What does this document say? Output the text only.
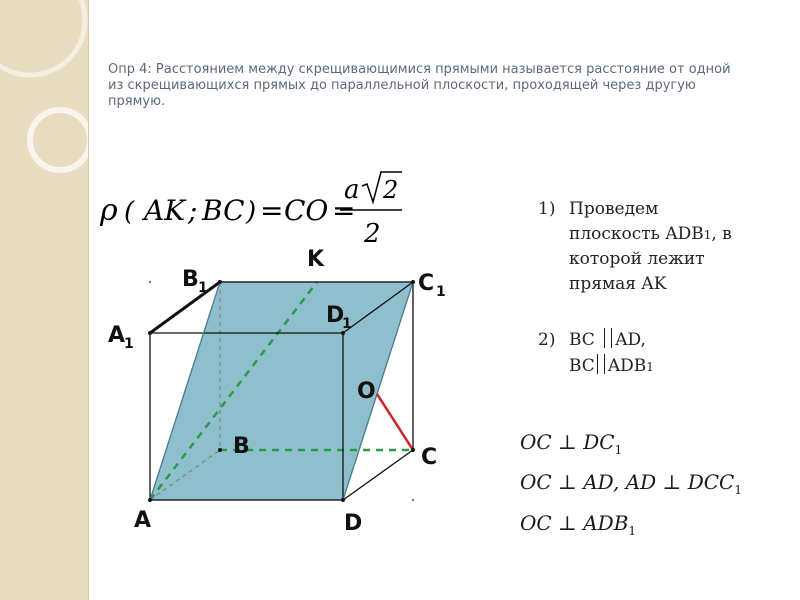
Опр 4: Расстоянием между скрещивающимися прямыми называется расстояние от одной из скрещивающихся прямых до параллельной плоскости, проходящей через другую прямую.
ρ ( AK ; BC ) = CO =
a 2
2
A	D
C
B
A
1
B 1	C 1
D
1
K
O
1) Проведем
плоскость ADB1, в
которой лежит
прямая AK
2) BC AD,
BC ADB1
OC ⊥ $DC_1$
OC ⊥ AD, AD ⊥ $DCC_1$
OC ⊥ $ADB_1$
